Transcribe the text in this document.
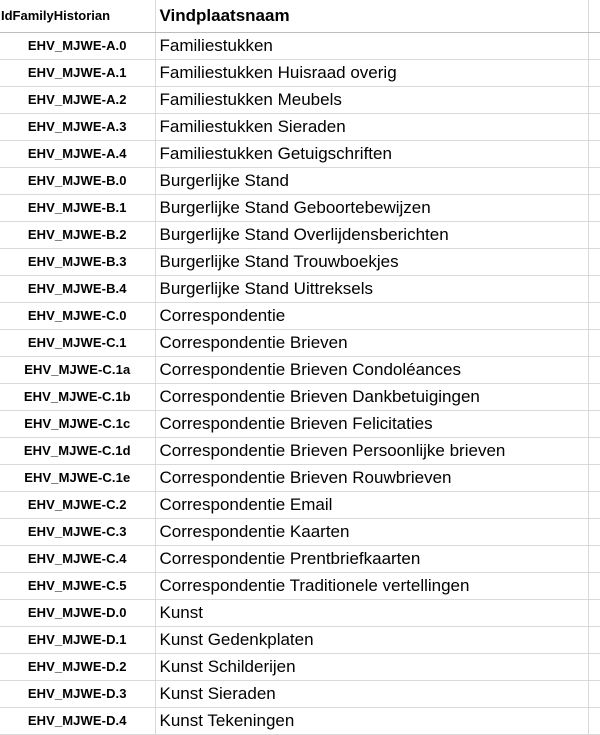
IdFamilyHistorian	Vindplaatsnaam	
EHV_MJWE-A.0	Familiestukken	
EHV_MJWE-A.1	Familiestukken Huisraad overig	
EHV_MJWE-A.2	Familiestukken Meubels	
EHV_MJWE-A.3	Familiestukken Sieraden	
EHV_MJWE-A.4	Familiestukken Getuigschriften	
EHV_MJWE-B.0	Burgerlijke Stand	
EHV_MJWE-B.1	Burgerlijke Stand Geboortebewijzen	
EHV_MJWE-B.2	Burgerlijke Stand Overlijdensberichten	
EHV_MJWE-B.3	Burgerlijke Stand Trouwboekjes	
EHV_MJWE-B.4	Burgerlijke Stand Uittreksels	
EHV_MJWE-C.0	Correspondentie	
EHV_MJWE-C.1	Correspondentie Brieven	
EHV_MJWE-C.1a	Correspondentie Brieven Condoléances	
EHV_MJWE-C.1b	Correspondentie Brieven Dankbetuigingen	
EHV_MJWE-C.1c	Correspondentie Brieven Felicitaties	
EHV_MJWE-C.1d	Correspondentie Brieven Persoonlijke brieven	
EHV_MJWE-C.1e	Correspondentie Brieven Rouwbrieven	
EHV_MJWE-C.2	Correspondentie Email	
EHV_MJWE-C.3	Correspondentie Kaarten	
EHV_MJWE-C.4	Correspondentie Prentbriefkaarten	
EHV_MJWE-C.5	Correspondentie Traditionele vertellingen	
EHV_MJWE-D.0	Kunst	
EHV_MJWE-D.1	Kunst Gedenkplaten	
EHV_MJWE-D.2	Kunst Schilderijen	
EHV_MJWE-D.3	Kunst Sieraden	
EHV_MJWE-D.4	Kunst Tekeningen	
